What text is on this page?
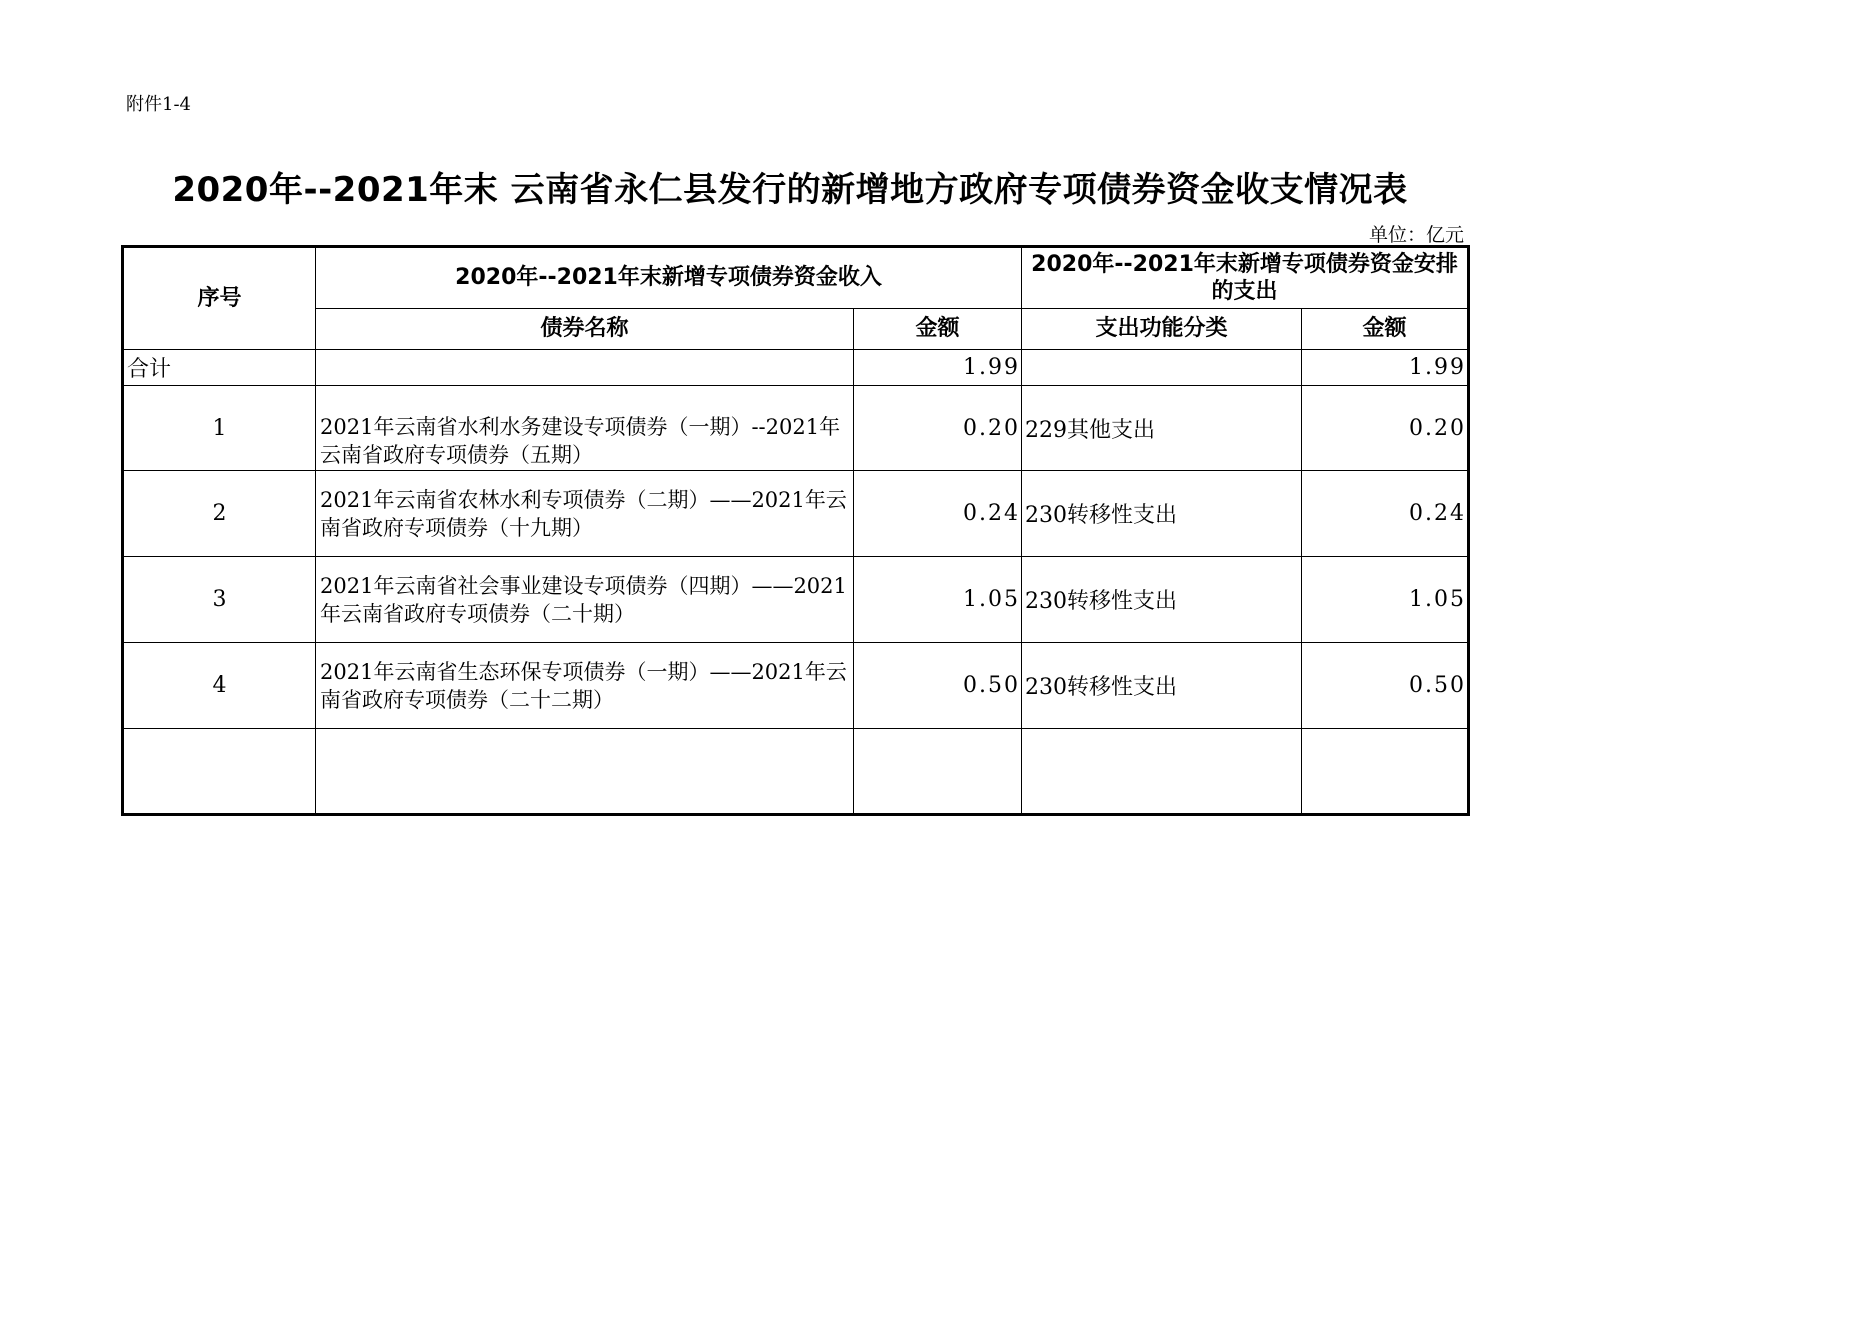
附件1-4
2020年--2021年末 云南省永仁县发行的新增地方政府专项债券资金收支情况表
单位：亿元
序号	2020年--2021年末新增专项债券资金收入		2020年--2021年末新增专项债券资金安排的支出	
	债券名称	金额	支出功能分类	金额
合计		1.99		1.99
1	2021年云南省水利水务建设专项债券（一期）--2021年云南省政府专项债券（五期）	0.20	229其他支出	0.20
2	2021年云南省农林水利专项债券（二期）——2021年云南省政府专项债券（十九期）	0.24	230转移性支出	0.24
3	2021年云南省社会事业建设专项债券（四期）——2021年云南省政府专项债券（二十期）	1.05	230转移性支出	1.05
4	2021年云南省生态环保专项债券（一期）——2021年云南省政府专项债券（二十二期）	0.50	230转移性支出	0.50
